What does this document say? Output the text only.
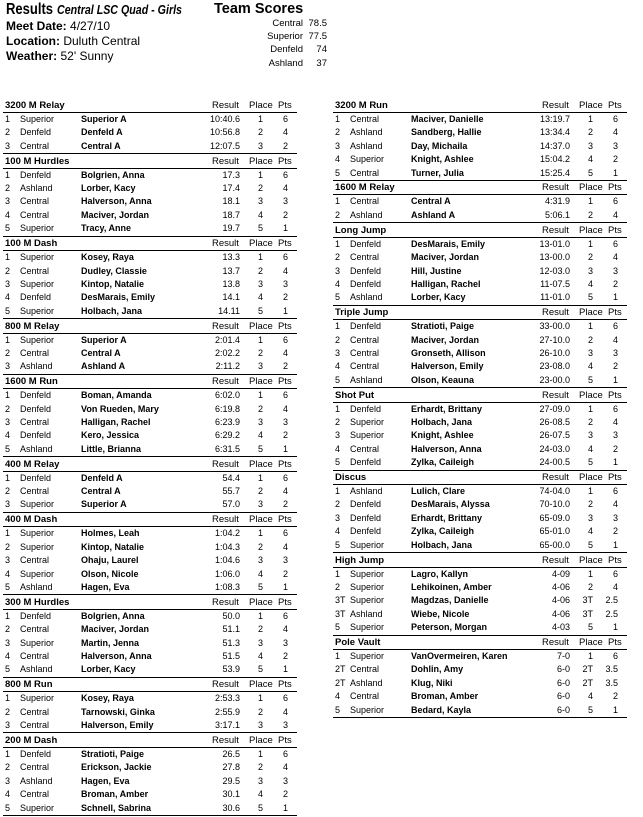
Results Central LSC Quad - Girls
Meet Date: 4/27/10
Location: Duluth Central
Weather: 52' Sunny
Team Scores
Central 78.5
Superior 77.5
Denfeld 74
Ashland 37
3200 M Relay	Result Place Pts
1 Superior	Superior A	10:40.6 1 6
2 Denfeld	Denfeld A	10:56.8 2 4
3 Central	Central A	12:07.5 3 2
100 M Hurdles	Result Place Pts
1 Denfeld	Bolgrien, Anna	17.3 1 6
2 Ashland	Lorber, Kacy	17.4 2 4
3 Central	Halverson, Anna	18.1 3 3
4 Central	Maciver, Jordan	18.7 4 2
5 Superior	Tracy, Anne	19.7 5 1
100 M Dash	Result Place Pts
1 Superior	Kosey, Raya	13.3 1 6
2 Central	Dudley, Classie	13.7 2 4
3 Superior	Kintop, Natalie	13.8 3 3
4 Denfeld	DesMarais, Emily	14.1 4 2
5 Superior	Holbach, Jana	14.11 5 1
800 M Relay	Result Place Pts
1 Superior	Superior A	2:01.4 1 6
2 Central	Central A	2:02.2 2 4
3 Ashland	Ashland A	2:11.2 3 2
1600 M Run	Result Place Pts
1 Denfeld	Boman, Amanda	6:02.0 1 6
2 Denfeld	Von Rueden, Mary	6:19.8 2 4
3 Central	Halligan, Rachel	6:23.9 3 3
4 Denfeld	Kero, Jessica	6:29.2 4 2
5 Ashland	Little, Brianna	6:31.5 5 1
400 M Relay	Result Place Pts
1 Denfeld	Denfeld A	54.4 1 6
2 Central	Central A	55.7 2 4
3 Superior	Superior A	57.0 3 2
400 M Dash	Result Place Pts
1 Superior	Holmes, Leah	1:04.2 1 6
2 Superior	Kintop, Natalie	1:04.3 2 4
3 Central	Ohaju, Laurel	1:04.6 3 3
4 Superior	Olson, Nicole	1:06.0 4 2
5 Ashland	Hagen, Eva	1:08.3 5 1
300 M Hurdles	Result Place Pts
1 Denfeld	Bolgrien, Anna	50.0 1 6
2 Central	Maciver, Jordan	51.1 2 4
3 Superior	Martin, Jenna	51.3 3 3
4 Central	Halverson, Anna	51.5 4 2
5 Ashland	Lorber, Kacy	53.9 5 1
800 M Run	Result Place Pts
1 Superior	Kosey, Raya	2:53.3 1 6
2 Central	Tarnowski, Ginka	2:55.9 2 4
3 Central	Halverson, Emily	3:17.1 3 3
200 M Dash	Result Place Pts
1 Denfeld	Stratioti, Paige	26.5 1 6
2 Central	Erickson, Jackie	27.8 2 4
3 Ashland	Hagen, Eva	29.5 3 3
4 Central	Broman, Amber	30.1 4 2
5 Superior	Schnell, Sabrina	30.6 5 1
3200 M Run	Result Place Pts
1 Central	Maciver, Danielle	13:19.7 1 6
2 Ashland	Sandberg, Hallie	13:34.4 2 4
3 Ashland	Day, Michaila	14:37.0 3 3
4 Superior	Knight, Ashlee	15:04.2 4 2
5 Central	Turner, Julia	15:25.4 5 1
1600 M Relay	Result Place Pts
1 Central	Central A	4:31.9 1 6
2 Ashland	Ashland A	5:06.1 2 4
Long Jump	Result Place Pts
1 Denfeld	DesMarais, Emily	13-01.0 1 6
2 Central	Maciver, Jordan	13-00.0 2 4
3 Denfeld	Hill, Justine	12-03.0 3 3
4 Denfeld	Halligan, Rachel	11-07.5 4 2
5 Ashland	Lorber, Kacy	11-01.0 5 1
Triple Jump	Result Place Pts
1 Denfeld	Stratioti, Paige	33-00.0 1 6
2 Central	Maciver, Jordan	27-10.0 2 4
3 Central	Gronseth, Allison	26-10.0 3 3
4 Central	Halverson, Emily	23-08.0 4 2
5 Ashland	Olson, Keauna	23-00.0 5 1
Shot Put	Result Place Pts
1 Denfeld	Erhardt, Brittany	27-09.0 1 6
2 Superior	Holbach, Jana	26-08.5 2 4
3 Superior	Knight, Ashlee	26-07.5 3 3
4 Central	Halverson, Anna	24-03.0 4 2
5 Denfeld	Zylka, Caileigh	24-00.5 5 1
Discus	Result Place Pts
1 Ashland	Lulich, Clare	74-04.0 1 6
2 Denfeld	DesMarais, Alyssa	70-10.0 2 4
3 Denfeld	Erhardt, Brittany	65-09.0 3 3
4 Denfeld	Zylka, Caileigh	65-01.0 4 2
5 Superior	Holbach, Jana	65-00.0 5 1
High Jump	Result Place Pts
1 Superior	Lagro, Kallyn	4-09 1 6
2 Superior	Lehikoinen, Amber	4-06 2 4
3T Superior	Magdzas, Danielle	4-06 3T 2.5
3T Ashland	Wiebe, Nicole	4-06 3T 2.5
5 Superior	Peterson, Morgan	4-03 5 1
Pole Vault	Result Place Pts
1 Superior	VanOvermeiren, Karen	7-0 1 6
2T Central	Dohlin, Amy	6-0 2T 3.5
2T Ashland	Klug, Niki	6-0 2T 3.5
4 Central	Broman, Amber	6-0 4 2
5 Superior	Bedard, Kayla	6-0 5 1
